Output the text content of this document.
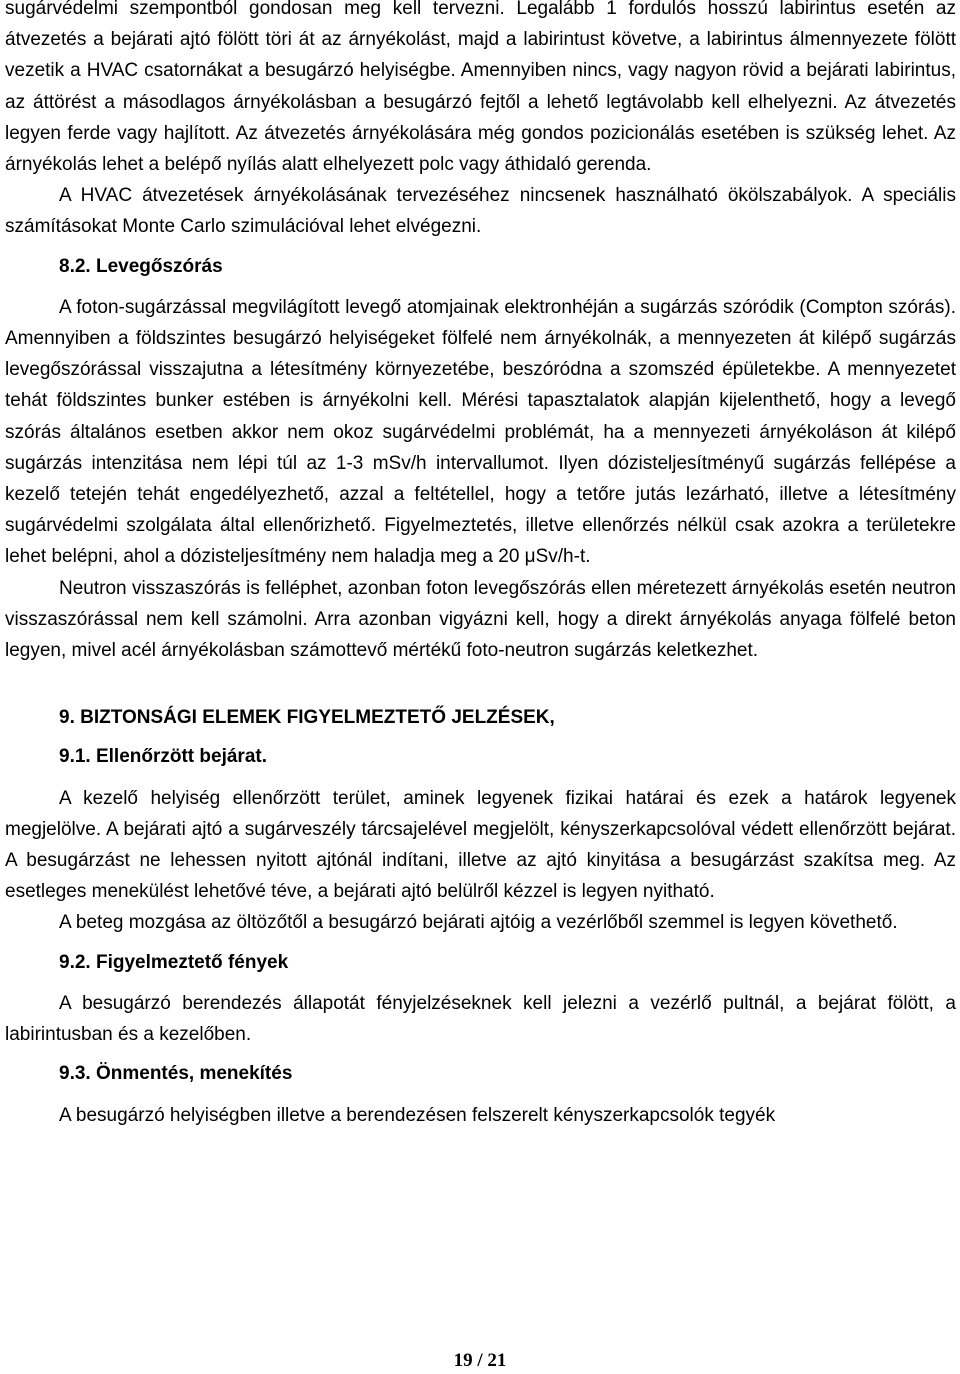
sugárvédelmi szempontból gondosan meg kell tervezni. Legalább 1 fordulós hosszú labirintus esetén az átvezetés a bejárati ajtó fölött töri át az árnyékolást, majd a labirintust követve, a labirintus álmennyezete fölött vezetik a HVAC csatornákat a besugárzó helyiségbe. Amennyiben nincs, vagy nagyon rövid a bejárati labirintus, az áttörést a másodlagos árnyékolásban a besugárzó fejtől a lehető legtávolabb kell elhelyezni. Az átvezetés legyen ferde vagy hajlított. Az átvezetés árnyékolására még gondos pozicionálás esetében is szükség lehet. Az árnyékolás lehet a belépő nyílás alatt elhelyezett polc vagy áthidaló gerenda.

A HVAC átvezetések árnyékolásának tervezéséhez nincsenek használható ökölszabályok. A speciális számításokat Monte Carlo szimulációval lehet elvégezni.

8.2. Levegőszórás

A foton-sugárzással megvilágított levegő atomjainak elektronhéján a sugárzás szóródik (Compton szórás). Amennyiben a földszintes besugárzó helyiségeket fölfelé nem árnyékolnák, a mennyezeten át kilépő sugárzás levegőszórással visszajutna a létesítmény környezetébe, beszóródna a szomszéd épületekbe. A mennyezetet tehát földszintes bunker estében is árnyékolni kell. Mérési tapasztalatok alapján kijelenthető, hogy a levegő szórás általános esetben akkor nem okoz sugárvédelmi problémát, ha a mennyezeti árnyékoláson át kilépő sugárzás intenzitása nem lépi túl az 1-3 mSv/h intervallumot. Ilyen dózisteljesítményű sugárzás fellépése a kezelő tetején tehát engedélyezhető, azzal a feltétellel, hogy a tetőre jutás lezárható, illetve a létesítmény sugárvédelmi szolgálata által ellenőrizhető. Figyelmeztetés, illetve ellenőrzés nélkül csak azokra a területekre lehet belépni, ahol a dózisteljesítmény nem haladja meg a 20 μSv/h-t.

Neutron visszaszórás is felléphet, azonban foton levegőszórás ellen méretezett árnyékolás esetén neutron visszaszórással nem kell számolni. Arra azonban vigyázni kell, hogy a direkt árnyékolás anyaga fölfelé beton legyen, mivel acél árnyékolásban számottevő mértékű foto-neutron sugárzás keletkezhet.

9. BIZTONSÁGI ELEMEK FIGYELMEZTETŐ JELZÉSEK,
9.1. Ellenőrzött bejárat.

A kezelő helyiség ellenőrzött terület, aminek legyenek fizikai határai és ezek a határok legyenek megjelölve. A bejárati ajtó a sugárveszély tárcsajelével megjelölt, kényszerkapcsolóval védett ellenőrzött bejárat. A besugárzást ne lehessen nyitott ajtónál indítani, illetve az ajtó kinyitása a besugárzást szakítsa meg. Az esetleges menekülést lehetővé téve, a bejárati ajtó belülről kézzel is legyen nyitható.

A beteg mozgása az öltözőtől a besugárzó bejárati ajtóig a vezérlőből szemmel is legyen követhető.

9.2. Figyelmeztető fények

A besugárzó berendezés állapotát fényjelzéseknek kell jelezni a vezérlő pultnál, a bejárat fölött, a labirintusban és a kezelőben.

9.3. Önmentés, menekítés

A besugárzó helyiségben illetve a berendezésen felszerelt kényszerkapcsolók tegyék

19 / 21
